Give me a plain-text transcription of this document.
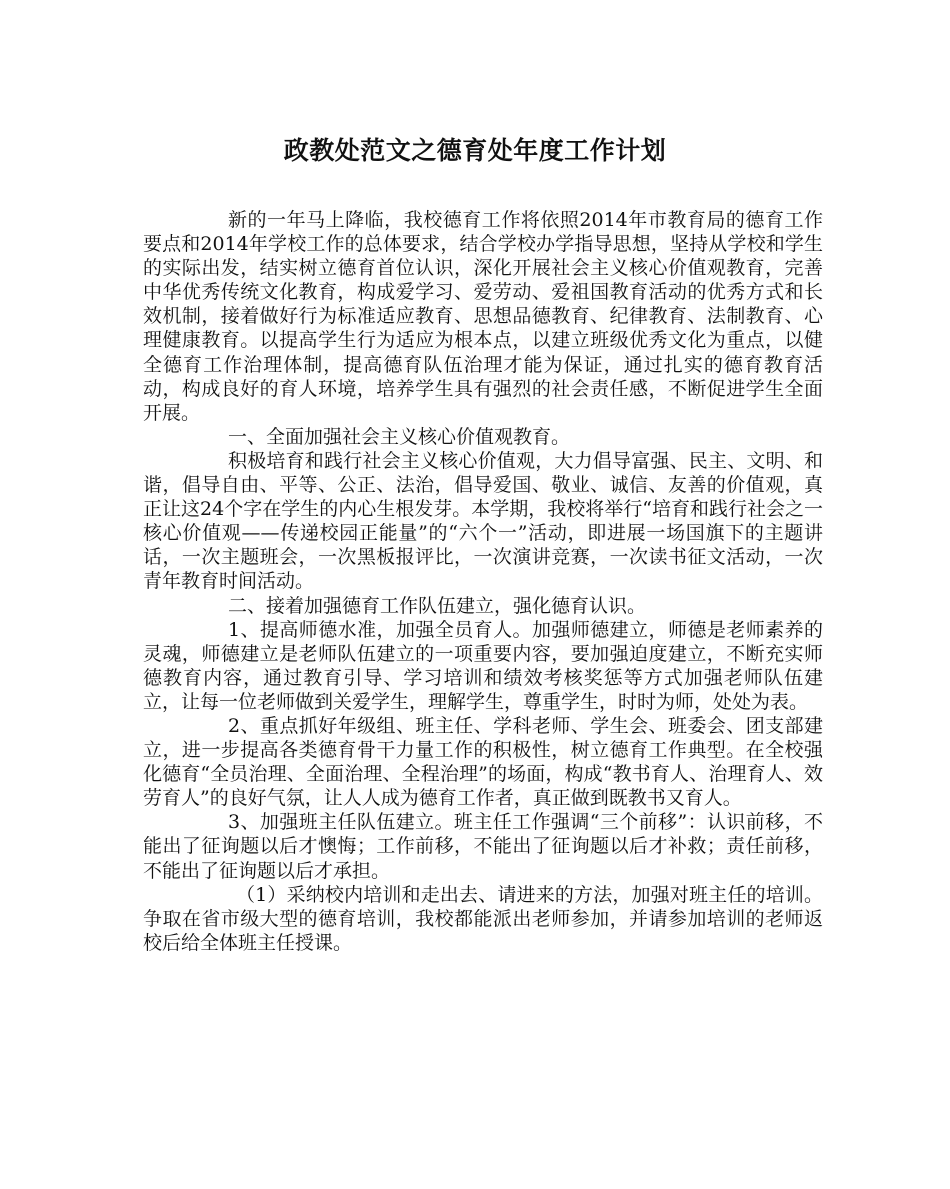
政教处范文之德育处年度工作计划

新的一年马上降临，我校德育工作将依照2014年市教育局的德育工作要点和2014年学校工作的总体要求，结合学校办学指导思想，坚持从学校和学生的实际出发，结实树立德育首位认识，深化开展社会主义核心价值观教育，完善中华优秀传统文化教育，构成爱学习、爱劳动、爱祖国教育活动的优秀方式和长效机制，接着做好行为标准适应教育、思想品德教育、纪律教育、法制教育、心理健康教育。以提高学生行为适应为根本点，以建立班级优秀文化为重点，以健全德育工作治理体制，提高德育队伍治理才能为保证，通过扎实的德育教育活动，构成良好的育人环境，培养学生具有强烈的社会责任感，不断促进学生全面开展。

一、全面加强社会主义核心价值观教育。

积极培育和践行社会主义核心价值观，大力倡导富强、民主、文明、和谐，倡导自由、平等、公正、法治，倡导爱国、敬业、诚信、友善的价值观，真正让这24个字在学生的内心生根发芽。本学期，我校将举行“培育和践行社会之一核心价值观——传递校园正能量”的“六个一”活动，即进展一场国旗下的主题讲话，一次主题班会，一次黑板报评比，一次演讲竞赛，一次读书征文活动，一次青年教育时间活动。

二、接着加强德育工作队伍建立，强化德育认识。

1、提高师德水准，加强全员育人。加强师德建立，师德是老师素养的灵魂，师德建立是老师队伍建立的一项重要内容，要加强迫度建立，不断充实师德教育内容，通过教育引导、学习培训和绩效考核奖惩等方式加强老师队伍建立，让每一位老师做到关爱学生，理解学生，尊重学生，时时为师，处处为表。

2、重点抓好年级组、班主任、学科老师、学生会、班委会、团支部建立，进一步提高各类德育骨干力量工作的积极性，树立德育工作典型。在全校强化德育“全员治理、全面治理、全程治理”的场面，构成“教书育人、治理育人、效劳育人”的良好气氛，让人人成为德育工作者，真正做到既教书又育人。

3、加强班主任队伍建立。班主任工作强调“三个前移”：认识前移，不能出了征询题以后才懊悔；工作前移，不能出了征询题以后才补救；责任前移，不能出了征询题以后才承担。

（1）采纳校内培训和走出去、请进来的方法，加强对班主任的培训。争取在省市级大型的德育培训，我校都能派出老师参加，并请参加培训的老师返校后给全体班主任授课。
